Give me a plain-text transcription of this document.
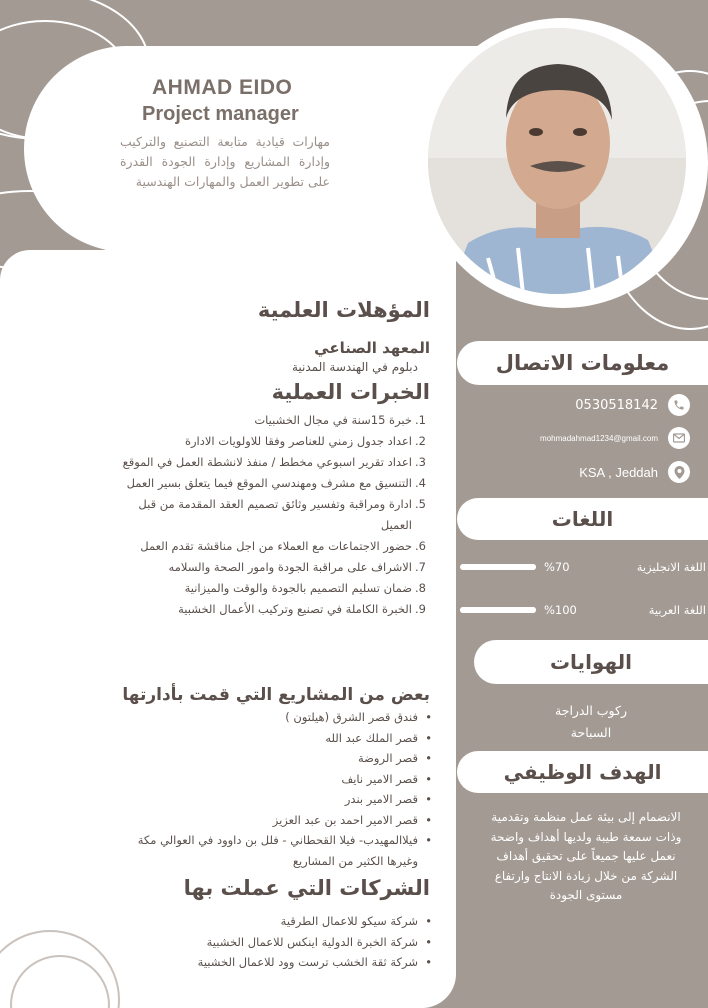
AHMAD EIDO
Project manager
مهارات قيادية متابعة التصنيع والتركيب وإدارة المشاريع وإدارة الجودة القدرة على تطوير العمل والمهارات الهندسية
المؤهلات العلمية
المعهد الصناعي
دبلوم في الهندسة المدنية
الخبرات العملية
1.
خبرة 15سنة في مجال الخشبيات
2.
اعداد جدول زمني للعناصر وفقا للاولويات الادارة
3.
اعداد تقرير اسبوعي مخطط / منفذ لانشطة العمل في الموقع
4.
التنسيق مع مشرف ومهندسي الموقع فيما يتعلق بسير العمل
5.
ادارة ومراقبة وتفسير وثائق تصميم العقد المقدمة من قبل العميل
6.
حضور الاجتماعات مع العملاء من اجل مناقشة تقدم العمل
7.
الاشراف على مراقبة الجودة وامور الصحة والسلامه
8.
ضمان تسليم التصميم بالجودة والوقت والميزانية
9.
الخبرة الكاملة في تصنيع وتركيب الأعمال الخشبية
بعض من المشاريع التي قمت بأدارتها
فندق قصر الشرق (هيلتون ) •
قصر الملك عبد الله •
قصر الروضة •
قصر الامير نايف •
قصر الامير بندر •
قصر الامير احمد بن عبد العزيز •
فيلاالمهيدب- فيلا القحطاني - فلل بن داوود في العوالي مكة وغيرها الكثير من المشاريع •
الشركات التي عملت بها
شركة سيكو للاعمال الطرقية •
شركة الخبرة الدولية اينكس للاعمال الخشبية •
شركة ثقة الخشب ترست وود للاعمال الخشبية •
معلومات الاتصال
0530518142
mohmadahmad1234@gmail.com
KSA , Jeddah
اللغات
%70	اللغة الانجليزية
%100	اللغة العربية
الهوايات
ركوب الدراجة
السباحة
الهدف الوظيفي
الانضمام إلى بيئة عمل منظمة وتقدمية وذات سمعة طيبة ولديها أهداف واضحة نعمل عليها جميعاً على تحقيق أهداف الشركة من خلال زيادة الانتاج وارتفاع مستوى الجودة
